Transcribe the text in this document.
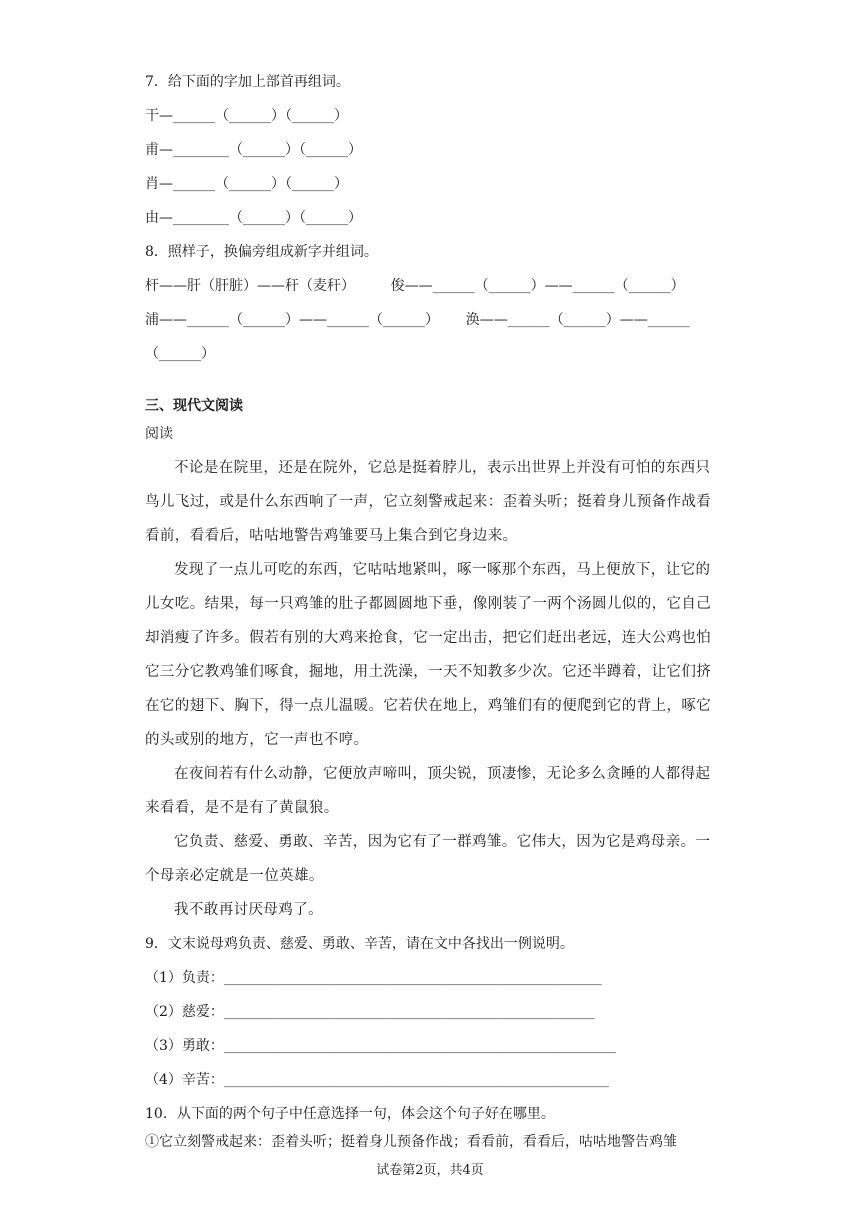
7．给下面的字加上部首再组词。
干—______（______）（______）
甫—________（______）（______）
肖—______（______）（______）
由—________（______）（______）
8．照样子，换偏旁组成新字并组词。
杆——肝（肝脏）——秆（麦秆）        俊——______（______）——______（______）
浦——______（______）——______（______）      涣——______（______）——______
（______）
三、现代文阅读
阅读
不论是在院里，还是在院外，它总是挺着脖儿，表示出世界上并没有可怕的东西只
鸟儿飞过，或是什么东西响了一声，它立刻警戒起来：歪着头听；挺着身儿预备作战看
看前，看看后，咕咕地警告鸡雏要马上集合到它身边来。
发现了一点儿可吃的东西，它咕咕地紧叫，啄一啄那个东西，马上便放下，让它的
儿女吃。结果，每一只鸡雏的肚子都圆圆地下垂，像刚装了一两个汤圆儿似的，它自己
却消瘦了许多。假若有别的大鸡来抢食，它一定出击，把它们赶出老远，连大公鸡也怕
它三分它教鸡雏们啄食，掘地，用土洗澡，一天不知教多少次。它还半蹲着，让它们挤
在它的翅下、胸下，得一点儿温暖。它若伏在地上，鸡雏们有的便爬到它的背上，啄它
的头或别的地方，它一声也不哼。
在夜间若有什么动静，它便放声啼叫，顶尖锐，顶凄惨，无论多么贪睡的人都得起
来看看，是不是有了黄鼠狼。
它负责、慈爱、勇敢、辛苦，因为它有了一群鸡雏。它伟大，因为它是鸡母亲。一
个母亲必定就是一位英雄。
我不敢再讨厌母鸡了。
9．文末说母鸡负责、慈爱、勇敢、辛苦，请在文中各找出一例说明。
（1）负责：______________________________________________________
（2）慈爱：_____________________________________________________
（3）勇敢：________________________________________________________
（4）辛苦：_______________________________________________________
10．从下面的两个句子中任意选择一句，体会这个句子好在哪里。
①它立刻警戒起来：歪着头听；挺着身儿预备作战；看看前，看看后，咕咕地警告鸡雏
试卷第2页，共4页
